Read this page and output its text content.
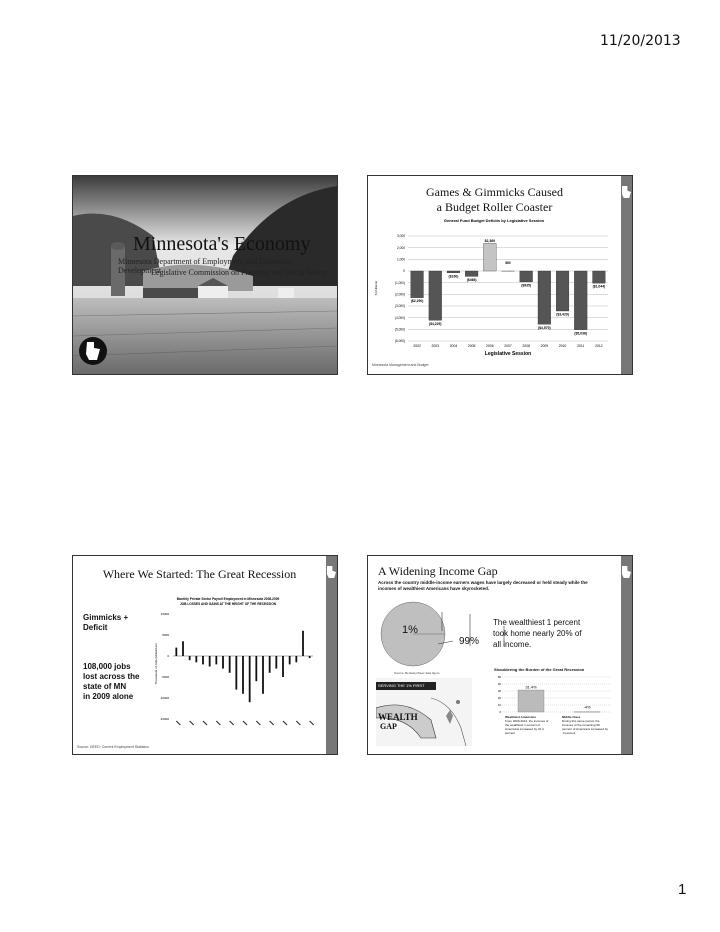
11/20/2013
Minnesota's Economy
Minnesota Department of Employment and Economic Development
Legislative Commission on Planning and Fiscal Policy
Games & Gimmicks Caused
a Budget Roller Coaster
General Fund Budget Deficits by Legislative Session
3,000
2,000
1,000
0
(1,000)
(2,000)
(3,000)
(4,000)
(5,000)
(6,000)
$ (millions)
($2,290)
2002
($4,229)
2003
($160)
2004
($466)
2005
$2,369
2006	2007
($935)
2008
($4,570)
2009
($3,429)
2010
($5,038)
2011
($1,044)
2012
$60
Legislative Session
Minnesota Management and Budget
Where We Started: The Great Recession
Gimmicks +
Deficit
108,000 jobs
lost across the
state of MN
in 2009 alone
Monthly Private Sector Payroll Employment in Minnesota 2008-2009
JOB LOSSES AND GAINS AT THE HEIGHT OF THE RECESSION
10000
5000
0
-5000
-10000
-15000
Thousands of Jobs Added/Lost
Source: DEED: Current Employment Statistics
A Widening Income Gap
Across the country middle-income earners wages have largely decreased or held steady while the incomes of wealthiest Americans have skyrocketed.
1%
99%
The wealthiest 1 percent
took home nearly 20% of
all income.
Source: Berkeley/Saez data figure
SERVING THE 1% FIRST
WEALTH
GAP
Shouldering the Burden of the Great Recession
50
40
30
20
10
0
31.4%
-4%
Wealthiest Americans
From 2009-2012, the incomes of the wealthiest 1 percent of Americans increased by 31.4 percent.
Middle Class
During this same period, the incomes of the remaining 99 percent of Americans increased by .4 percent
1
